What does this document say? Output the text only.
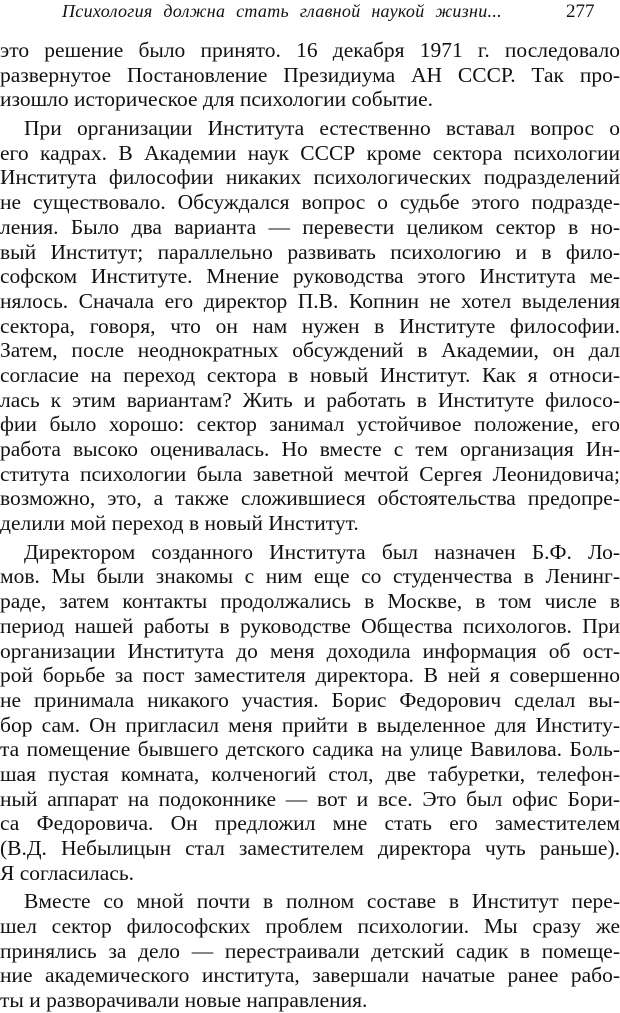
Психология должна стать главной наукой жизни...	277
это решение было принято. 16 декабря 1971 г. последовало
развернутое Постановление Президиума АН СССР. Так про-
изошло историческое для психологии событие.
При организации Института естественно вставал вопрос о
его кадрах. В Академии наук СССР кроме сектора психологии
Института философии никаких психологических подразделений
не существовало. Обсуждался вопрос о судьбе этого подразде-
ления. Было два варианта — перевести целиком сектор в но-
вый Институт; параллельно развивать психологию и в фило-
софском Институте. Мнение руководства этого Института ме-
нялось. Сначала его директор П.В. Копнин не хотел выделения
сектора, говоря, что он нам нужен в Институте философии.
Затем, после неоднократных обсуждений в Академии, он дал
согласие на переход сектора в новый Институт. Как я относи-
лась к этим вариантам? Жить и работать в Институте филосо-
фии было хорошо: сектор занимал устойчивое положение, его
работа высоко оценивалась. Но вместе с тем организация Ин-
ститута психологии была заветной мечтой Сергея Леонидовича;
возможно, это, а также сложившиеся обстоятельства предопре-
делили мой переход в новый Институт.
Директором созданного Института был назначен Б.Ф. Ло-
мов. Мы были знакомы с ним еще со студенчества в Ленинг-
раде, затем контакты продолжались в Москве, в том числе в
период нашей работы в руководстве Общества психологов. При
организации Института до меня доходила информация об ост-
рой борьбе за пост заместителя директора. В ней я совершенно
не принимала никакого участия. Борис Федорович сделал вы-
бор сам. Он пригласил меня прийти в выделенное для Институ-
та помещение бывшего детского садика на улице Вавилова. Боль-
шая пустая комната, колченогий стол, две табуретки, телефон-
ный аппарат на подоконнике — вот и все. Это был офис Бори-
са Федоровича. Он предложил мне стать его заместителем
(В.Д. Небылицын стал заместителем директора чуть раньше).
Я согласилась.
Вместе со мной почти в полном составе в Институт пере-
шел сектор философских проблем психологии. Мы сразу же
принялись за дело — перестраивали детский садик в помеще-
ние академического института, завершали начатые ранее рабо-
ты и разворачивали новые направления.
